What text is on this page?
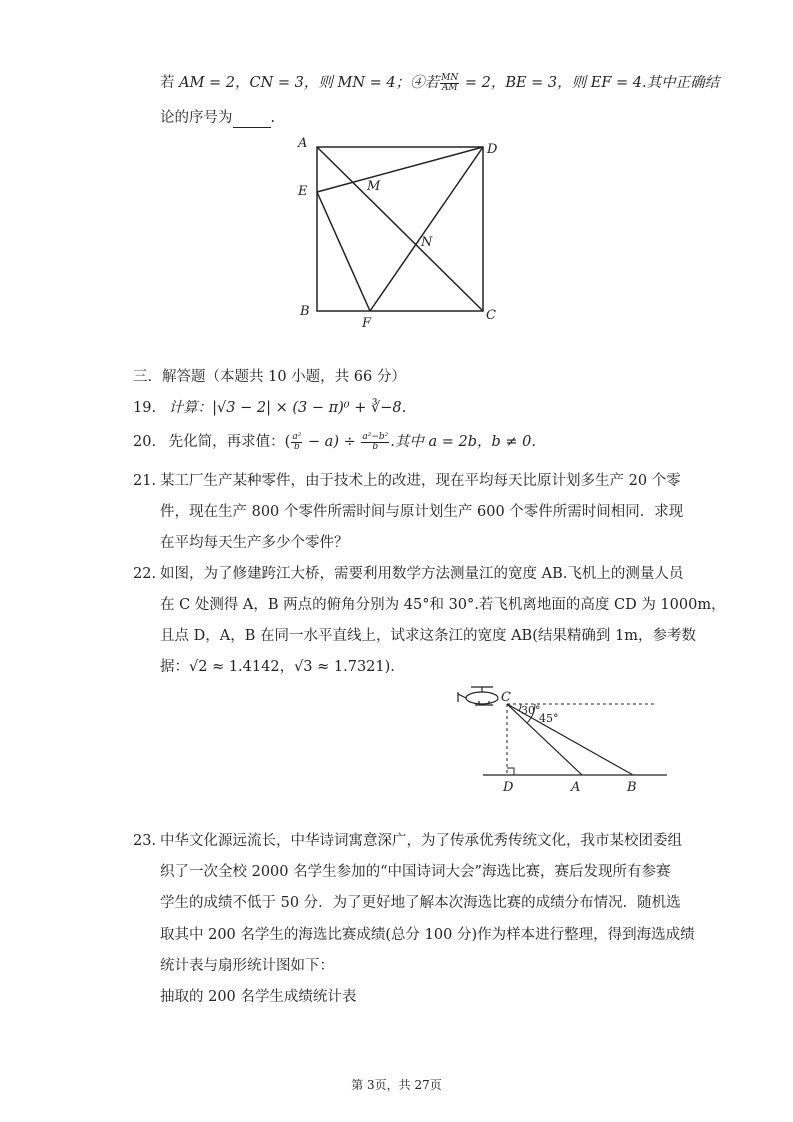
若 AM = 2，CN = 3，则 MN = 4；④若 $\frac{MN}{AM} = 2$，BE = 3，则 EF = 4.其中正确结
论的序号为	.
A	D
E	M
N
B
F
C
三．解答题（本题共 10 小题，共 66 分）
19. 计算：|√3 − 2| × (3 − π)⁰ + ∛−8.
20. 先化简，再求值：( $\frac{\text{a²}}{b} - a) \div \frac{\text{a²−b²}}{b}$ .其中 a = 2b，b ≠ 0.
21. 某工厂生产某种零件，由于技术上的改进，现在平均每天比原计划多生产 20 个零
件，现在生产 800 个零件所需时间与原计划生产 600 个零件所需时间相同．求现
在平均每天生产多少个零件？
22. 如图，为了修建跨江大桥，需要利用数学方法测量江的宽度 AB.飞机上的测量人员
在 C 处测得 A，B 两点的俯角分别为 45°和 30°.若飞机离地面的高度 CD 为 1000m，
且点 D，A，B 在同一水平直线上，试求这条江的宽度 AB(结果精确到 1m，参考数
据：√2 ≈ 1.4142，√3 ≈ 1.7321).
C
30°
45°
D	A	B
23. 中华文化源远流长，中华诗词寓意深广，为了传承优秀传统文化，我市某校团委组
织了一次全校 2000 名学生参加的“中国诗词大会”海选比赛，赛后发现所有参赛
学生的成绩不低于 50 分．为了更好地了解本次海选比赛的成绩分布情况．随机选
取其中 200 名学生的海选比赛成绩(总分 100 分)作为样本进行整理，得到海选成绩
统计表与扇形统计图如下：
抽取的 200 名学生成绩统计表
第 3页，共 27页
